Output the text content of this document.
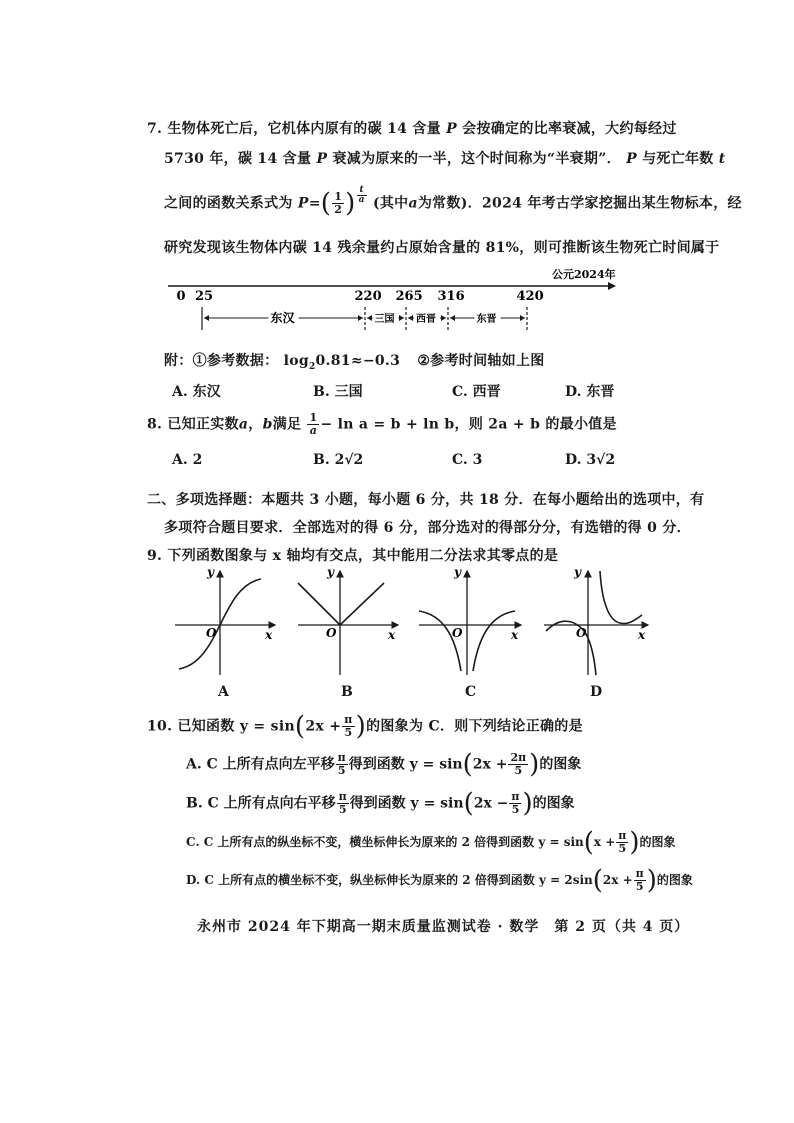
7. 生物体死亡后，它机体内原有的碳 14 含量 P 会按确定的比率衰减，大约每经过
5730 年，碳 14 含量 P 衰减为原来的一半，这个时间称为“半衰期”． P 与死亡年数 t
之间的函数关系式为 $P=( \frac{1}{2}$ ) $^{\frac{t}{a}}$ (其中a为常数)．2024 年考古学家挖掘出某生物标本，经
研究发现该生物体内碳 14 残余量约占原始含量的 81%，则可推断该生物死亡时间属于
公元2024年
0 25	220 265 316	420
东汉	三国 西晋	东晋
附：①参考数据： $\log_20.81\approx-0.3$ ②参考时间轴如上图
A. 东汉	B. 三国	C. 西晋	D. 东晋
8. 已知正实数a，b满足 $\frac{1}{a} - \ln a = b + \ln b$，则 2a + b 的最小值是
A. 2	B. 2√2	C. 3	D. 3√2
二、多项选择题：本题共 3 小题，每小题 6 分，共 18 分．在每小题给出的选项中，有
多项符合题目要求．全部选对的得 6 分，部分选对的得部分分，有选错的得 0 分．
9. 下列函数图象与 x 轴均有交点，其中能用二分法求其零点的是
y
x
O
y
x
O
y
x
O
y
x
O
A	B	C	D
10. 已知函数 $y = \sin(2x + \frac{\pi}{5}$ )的图象为 C．则下列结论正确的是
A. C 上所有点向左平移 $\frac{\pi}{5}$ 得到函数 $y = \sin(2x + \frac{2\pi}{5}$ )的图象
B. C 上所有点向右平移 $\frac{\pi}{5}$ 得到函数 $y = \sin(2x - \frac{\pi}{5}$ )的图象
C. C 上所有点的纵坐标不变，横坐标伸长为原来的 2 倍得到函数 $y = \sin(x + \frac{\pi}{5}$ )的图象
D. C 上所有点的横坐标不变，纵坐标伸长为原来的 2 倍得到函数 $y = 2\sin(2x + \frac{\pi}{5}$ )的图象
永州市 2024 年下期高一期末质量监测试卷 · 数学　第 2 页（共 4 页）
